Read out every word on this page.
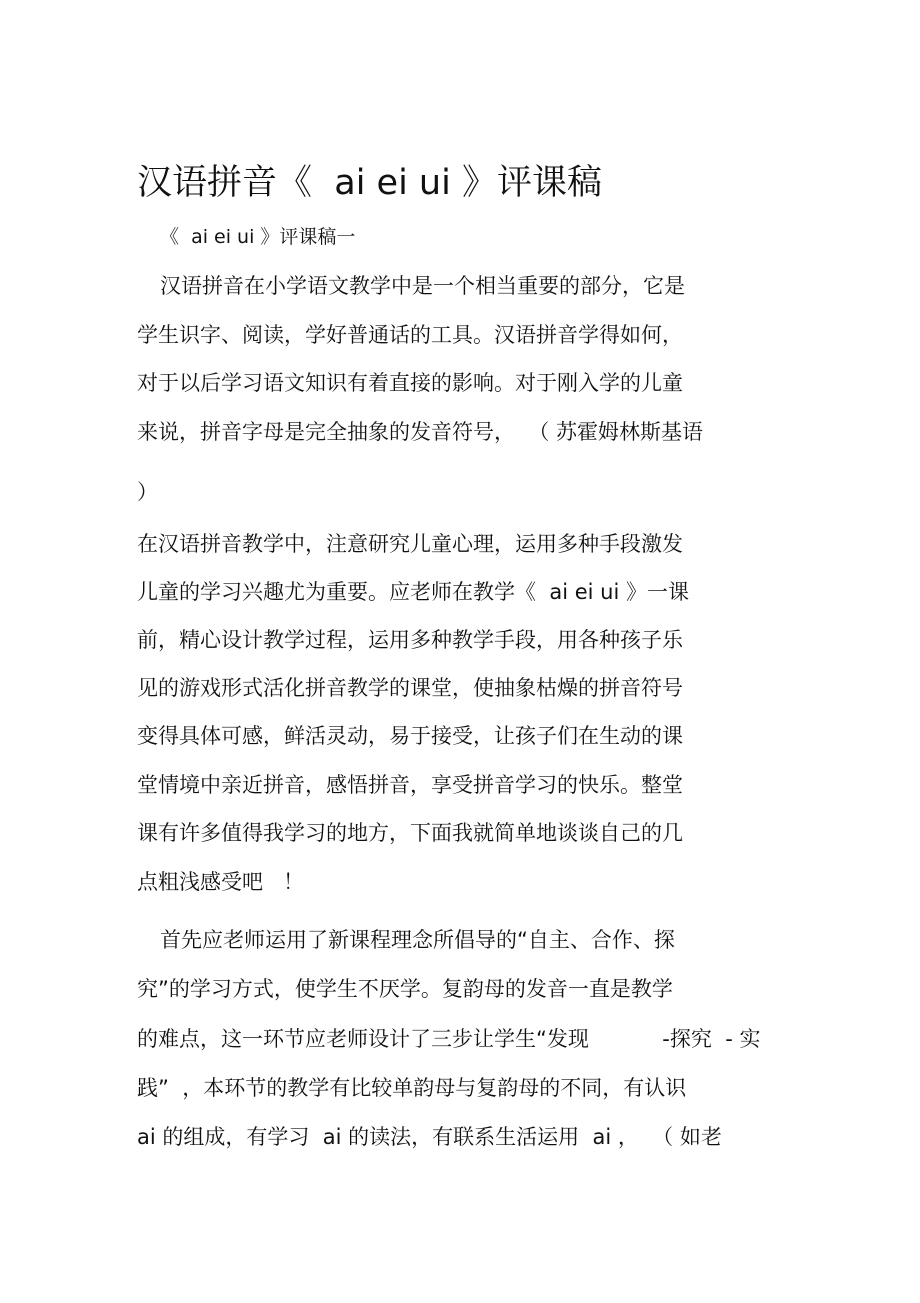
汉语拼音《  ai ei ui 》评课稿
《  ai ei ui 》评课稿一
汉语拼音在小学语文教学中是一个相当重要的部分，它是
学生识字、阅读，学好普通话的工具。汉语拼音学得如何，
对于以后学习语文知识有着直接的影响。对于刚入学的儿童
来说，拼音字母是完全抽象的发音符号，  （ 苏霍姆林斯基语
）
在汉语拼音教学中，注意研究儿童心理，运用多种手段激发
儿童的学习兴趣尤为重要。应老师在教学《  ai ei ui 》一课
前，精心设计教学过程，运用多种教学手段，用各种孩子乐
见的游戏形式活化拼音教学的课堂，使抽象枯燥的拼音符号
变得具体可感，鲜活灵动，易于接受，让孩子们在生动的课
堂情境中亲近拼音，感悟拼音，享受拼音学习的快乐。整堂
课有许多值得我学习的地方，下面我就简单地谈谈自己的几
点粗浅感受吧   ！
首先应老师运用了新课程理念所倡导的“自主、合作、探
究”的学习方式，使学生不厌学。复韵母的发音一直是教学
的难点，这一环节应老师设计了三步让学生“发现           -探究  - 实
践”  ，本环节的教学有比较单韵母与复韵母的不同，有认识
ai 的组成，有学习  ai 的读法，有联系生活运用  ai ，  （ 如老
